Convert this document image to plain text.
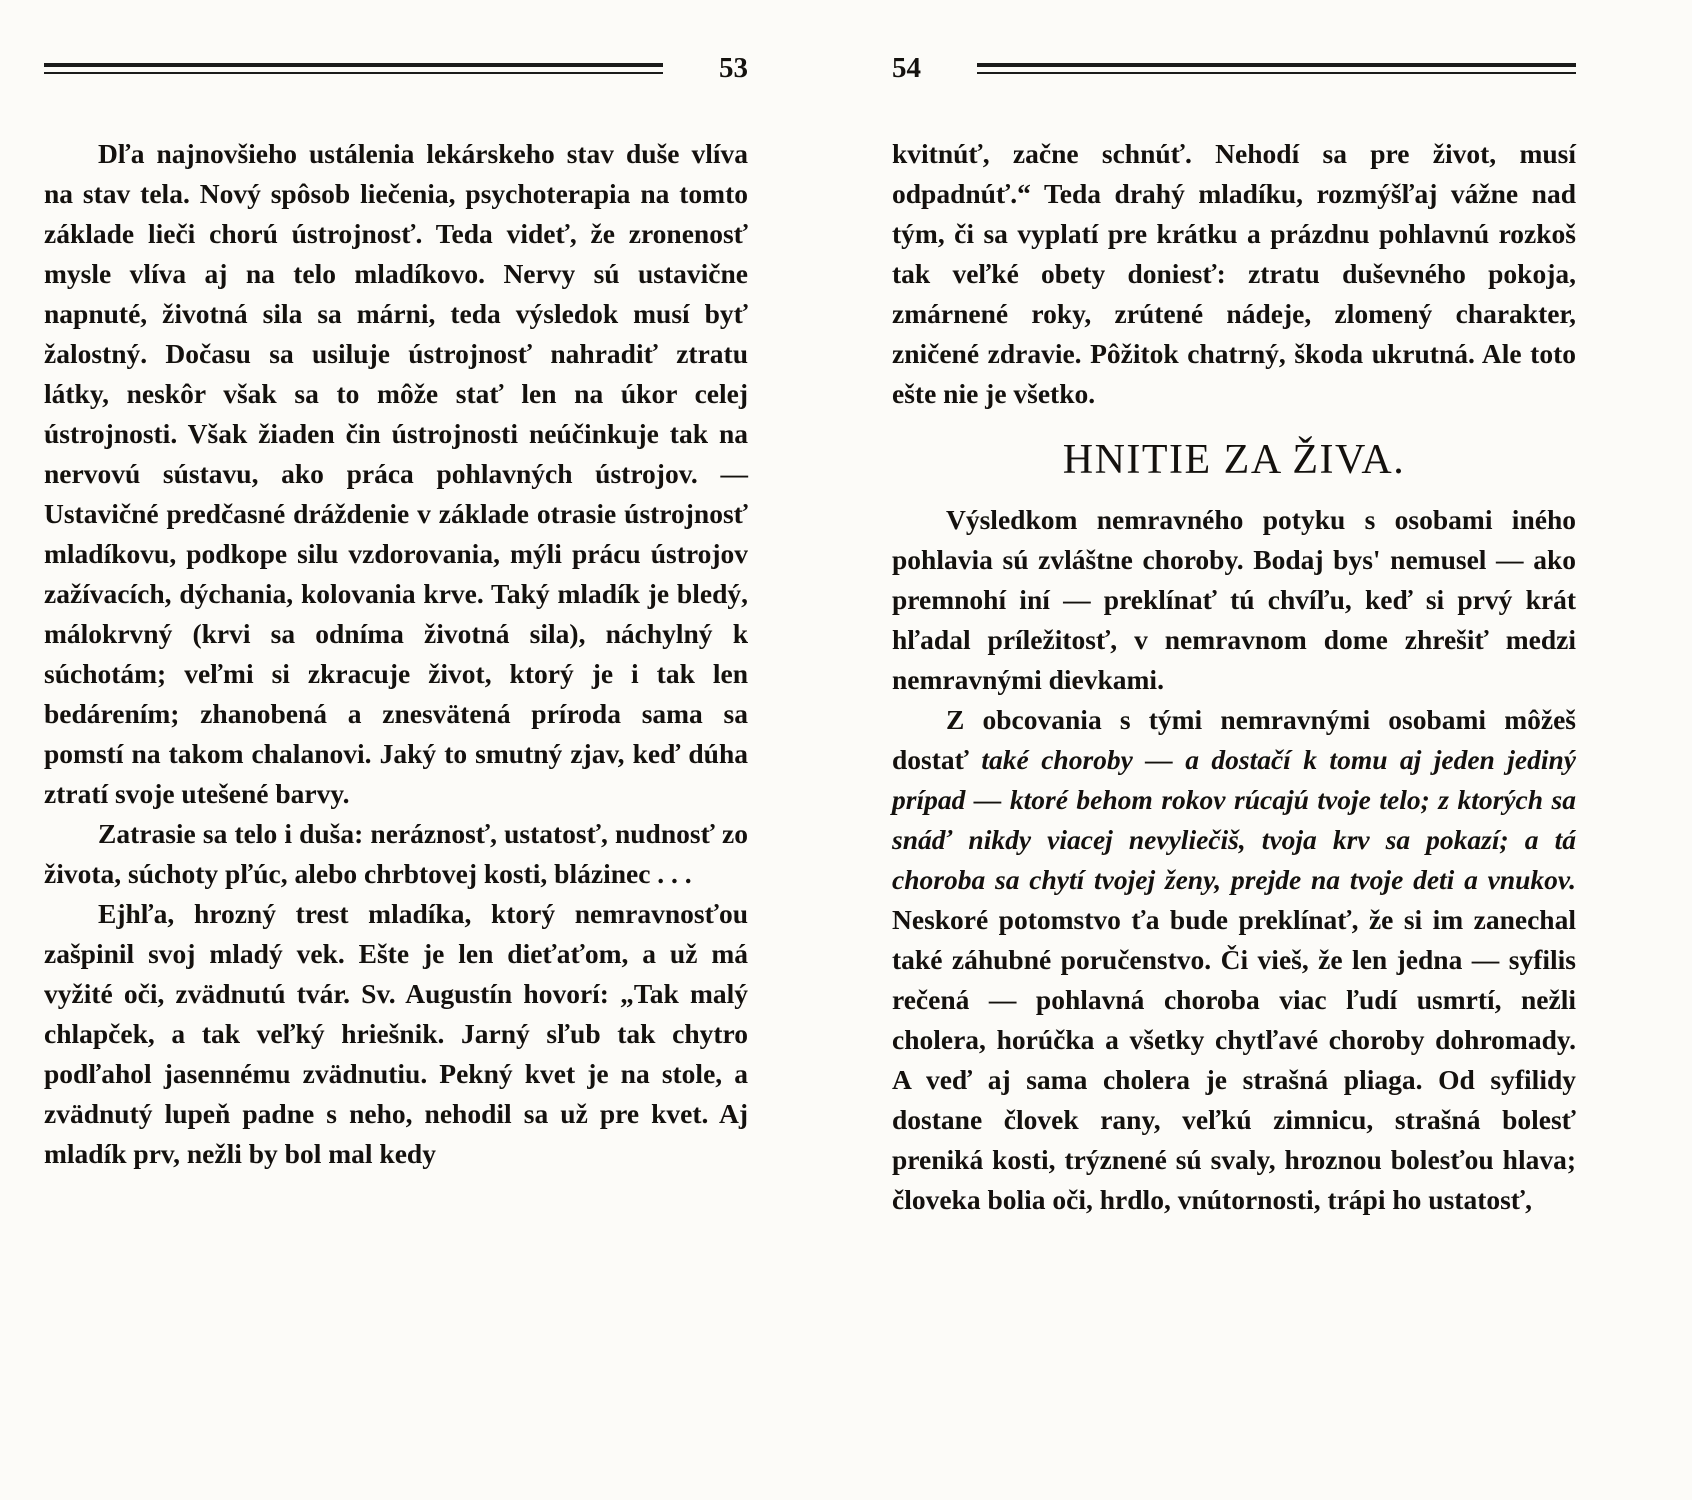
53

Dľa najnovšieho ustálenia lekárskeho stav duše vlíva na stav tela. Nový spôsob liečenia, psychoterapia na tomto základe lieči chorú ústrojnosť. Teda videť, že zronenosť mysle vlíva aj na telo mladíkovo. Nervy sú ustavične napnuté, životná sila sa márni, teda výsledok musí byť žalostný. Dočasu sa usiluje ústrojnosť nahradiť ztratu látky, neskôr však sa to môže stať len na úkor celej ústrojnosti. Však žiaden čin ústrojnosti neúčinkuje tak na nervovú sústavu, ako práca pohlavných ústrojov. — Ustavičné predčasné dráždenie v základe otrasie ústrojnosť mladíkovu, podkope silu vzdorovania, mýli prácu ústrojov zažívacích, dýchania, kolovania krve. Taký mladík je bledý, málokrvný (krvi sa odníma životná sila), náchylný k súchotám; veľmi si zkracuje život, ktorý je i tak len bedárením; zhanobená a znesvätená príroda sama sa pomstí na takom chalanovi. Jaký to smutný zjav, keď dúha ztratí svoje utešené barvy.

Zatrasie sa telo i duša: neráznosť, ustatosť, nudnosť zo života, súchoty pľúc, alebo chrbtovej kosti, blázinec . . .

Ejhľa, hrozný trest mladíka, ktorý nemravnosťou zašpinil svoj mladý vek. Ešte je len dieťaťom, a už má vyžité oči, zvädnutú tvár. Sv. Augustín hovorí: „Tak malý chlapček, a tak veľký hriešnik. Jarný sľub tak chytro podľahol jasennému zvädnutiu. Pekný kvet je na stole, a zvädnutý lupeň padne s neho, nehodil sa už pre kvet. Aj mladík prv, nežli by bol mal kedy

54

kvitnúť, začne schnúť. Nehodí sa pre život, musí odpadnúť.“ Teda drahý mladíku, rozmýšľaj vážne nad tým, či sa vyplatí pre krátku a prázdnu pohlavnú rozkoš tak veľké obety doniesť: ztratu duševného pokoja, zmárnené roky, zrútené nádeje, zlomený charakter, zničené zdravie. Pôžitok chatrný, škoda ukrutná. Ale toto ešte nie je všetko.

HNITIE ZA ŽIVA.

Výsledkom nemravného potyku s osobami iného pohlavia sú zvláštne choroby. Bodaj bys' nemusel — ako premnohí iní — preklínať tú chvíľu, keď si prvý krát hľadal príležitosť, v nemravnom dome zhrešiť medzi nemravnými dievkami.

Z obcovania s tými nemravnými osobami môžeš dostať také choroby — a dostačí k tomu aj jeden jediný prípad — ktoré behom rokov rúcajú tvoje telo; z ktorých sa snáď nikdy viacej nevyliečiš, tvoja krv sa pokazí; a tá choroba sa chytí tvojej ženy, prejde na tvoje deti a vnukov. Neskoré potomstvo ťa bude preklínať, že si im zanechal také záhubné poručenstvo. Či vieš, že len jedna — syfilis rečená — pohlavná choroba viac ľudí usmrtí, nežli cholera, horúčka a všetky chytľavé choroby dohromady. A veď aj sama cholera je strašná pliaga. Od syfilidy dostane človek rany, veľkú zimnicu, strašná bolesť preniká kosti, trýznené sú svaly, hroznou bolesťou hlava; človeka bolia oči, hrdlo, vnútornosti, trápi ho ustatosť,
